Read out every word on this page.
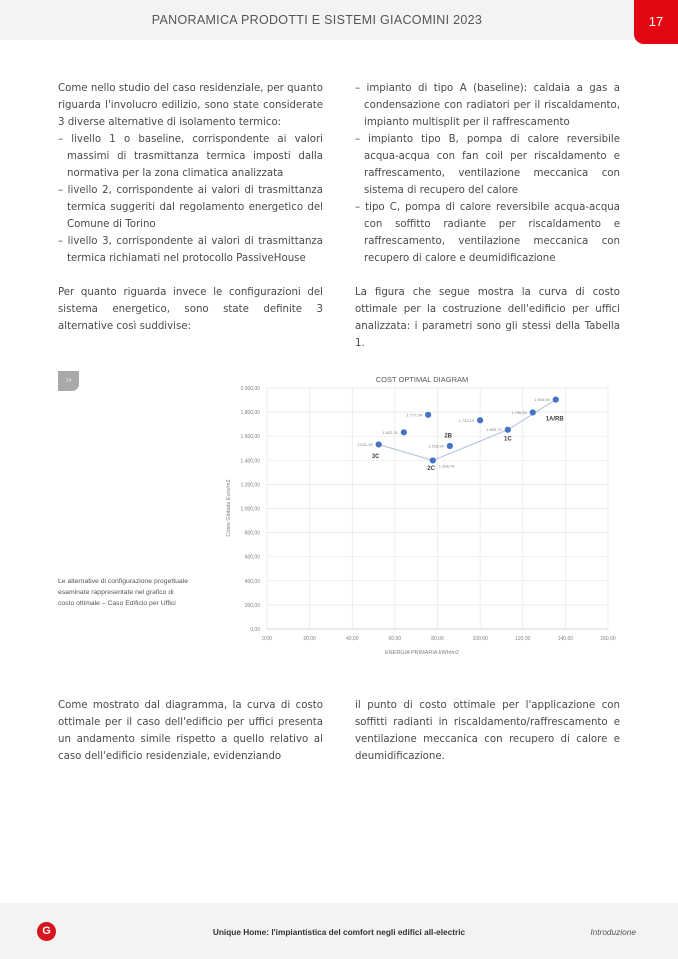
PANORAMICA PRODOTTI E SISTEMI GIACOMINI 2023	17

Come nello studio del caso residenziale, per quanto riguarda l'involucro edilizio, sono state considerate 3 diverse alternative di isolamento termico:

– livello 1 o baseline, corrispondente ai valori massimi di trasmittanza termica imposti dalla normativa per la zona climatica analizzata

– livello 2, corrispondente ai valori di trasmittanza termica suggeriti dal regolamento energetico del Comune di Torino

– livello 3, corrispondente ai valori di trasmittanza termica richiamati nel protocollo PassiveHouse

– impianto di tipo A (baseline): caldaia a gas a condensazione con radiatori per il riscaldamento, impianto multisplit per il raffrescamento

– impianto tipo B, pompa di calore reversibile acqua-acqua con fan coil per riscaldamento e raffrescamento, ventilazione meccanica con sistema di recupero del calore

– tipo C, pompa di calore reversibile acqua-acqua con soffitto radiante per riscaldamento e raffrescamento, ventilazione meccanica con recupero di calore e deumidificazione

Per quanto riguarda invece le configurazioni del sistema energetico, sono state definite 3 alternative così suddivise:
La figura che segue mostra la curva di costo ottimale per la costruzione dell'edificio per uffici analizzata: i parametri sono gli stessi della Tabella 1.
14
Le alternative di configurazione progettuale esaminate rappresentate nel grafico di costo ottimale – Caso Edificio per Uffici
0,00
200,00
400,00
600,00
800,00
1.000,00
1.200,00
1.400,00
1.600,00
1.800,00
2.000,00
0,00	20,00	40,00	60,00	80,00	100,00	120,00	140,00	160,00
1.531,35
1.632,31
1.777,54
1.398,76
1.518,90
1.732,13
1.653,72
1.796,95
1.904,04
3C
2C
2B
1C
1A/RB
COST OPTIMAL DIAGRAM
ENERGIA PRIMARIA kWh/m2
Costo Globale Euro/m2
Come mostrato dal diagramma, la curva di costo ottimale per il caso dell'edificio per uffici presenta un andamento simile rispetto a quello relativo al caso dell'edificio residenziale, evidenziando
il punto di costo ottimale per l'applicazione con soffitti radianti in riscaldamento/raffrescamento e ventilazione meccanica con recupero di calore e deumidificazione.
G	Unique Home: l'impiantistica del comfort negli edifici all-electric	Introduzione
